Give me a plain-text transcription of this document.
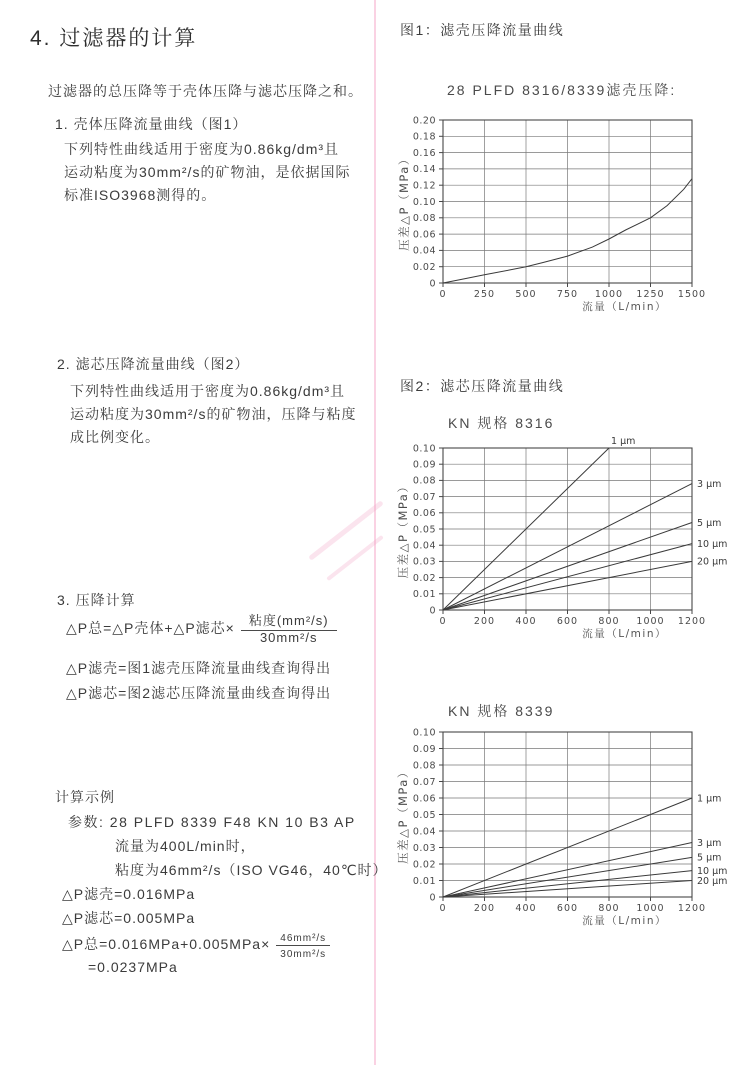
4. 过滤器的计算
过滤器的总压降等于壳体压降与滤芯压降之和。
1. 壳体压降流量曲线（图1）
下列特性曲线适用于密度为0.86kg/dm³且
运动粘度为30mm²/s的矿物油，是依据国际
标准ISO3968测得的。
2. 滤芯压降流量曲线（图2）
下列特性曲线适用于密度为0.86kg/dm³且
运动粘度为30mm²/s的矿物油，压降与粘度
成比例变化。
3. 压降计算
△P总=△P壳体+△P滤芯× $\frac{\text{粘度(mm²/s)}}{\text{30mm²/s}}$
△P滤壳=图1滤壳压降流量曲线查询得出
△P滤芯=图2滤芯压降流量曲线查询得出
计算示例
参数: 28 PLFD 8339 F48 KN 10 B3 AP
流量为400L/min时，
粘度为46mm²/s（ISO VG46，40℃时）
△P滤壳=0.016MPa
△P滤芯=0.005MPa
△P总$=0.016MPa+0.005MPa\times \frac{\text{46mm²/s}}{\text{30mm²/s}}$
=0.0237MPa
图1：滤壳压降流量曲线
28 PLFD 8316/8339滤壳压降:
0
0.02
0.04
0.06
0.08
0.10
0.12
0.14
0.16
0.18
0.20
0	250 500 750 1000 1250 1500
压差△P（MPa）
流量（L/min）
图2：滤芯压降流量曲线
KN 规格 8316
0
0.01
0.02
0.03
0.04
0.05
0.06
0.07
0.08
0.09
0.10
0	200 400 600 800 1000 1200
压差△P（MPa）
流量（L/min）
1 μm
3 μm
5 μm
10 μm
20 μm
KN 规格 8339
0
0.01
0.02
0.03
0.04
0.05
0.06
0.07
0.08
0.09
0.10
0	200 400 600 800 1000 1200
压差△P（MPa）
流量（L/min）
1 μm
3 μm
5 μm
10 μm
20 μm
